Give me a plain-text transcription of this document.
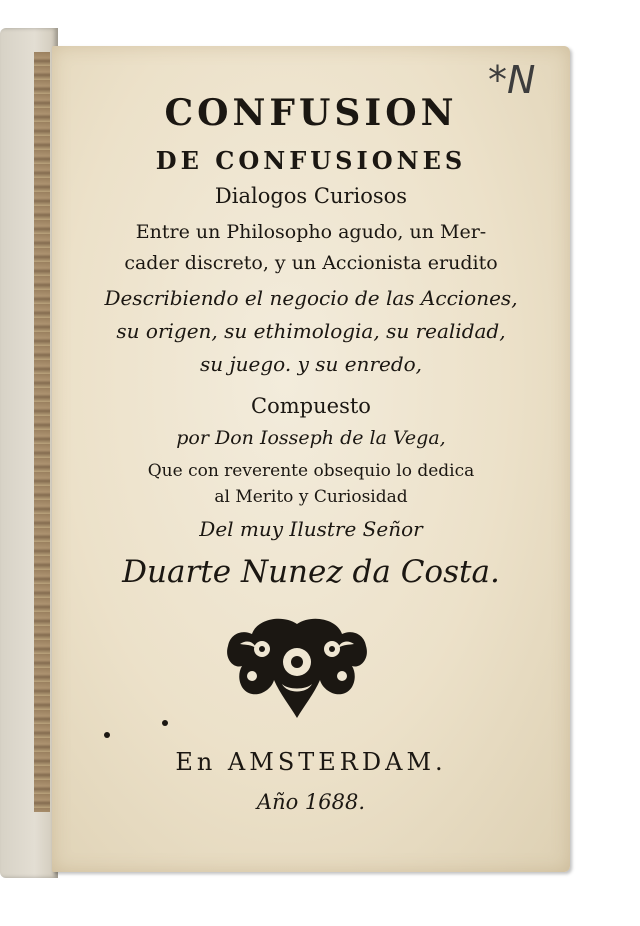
*N
CONFUSION
DE CONFUSIONES
Dialogos Curiosos
Entre un Philosopho agudo, un Mer-
cader discreto, y un Accionista erudito
Describiendo el negocio de las Acciones,
su origen, su ethimologia, su realidad,
su juego. y su enredo,
Compuesto
por Don Iosseph de la Vega,
Que con reverente obsequio lo dedica
al Merito y Curiosidad
Del muy Ilustre Señor
Duarte Nunez da Costa.
En AMSTERDAM.
Año 1688.
